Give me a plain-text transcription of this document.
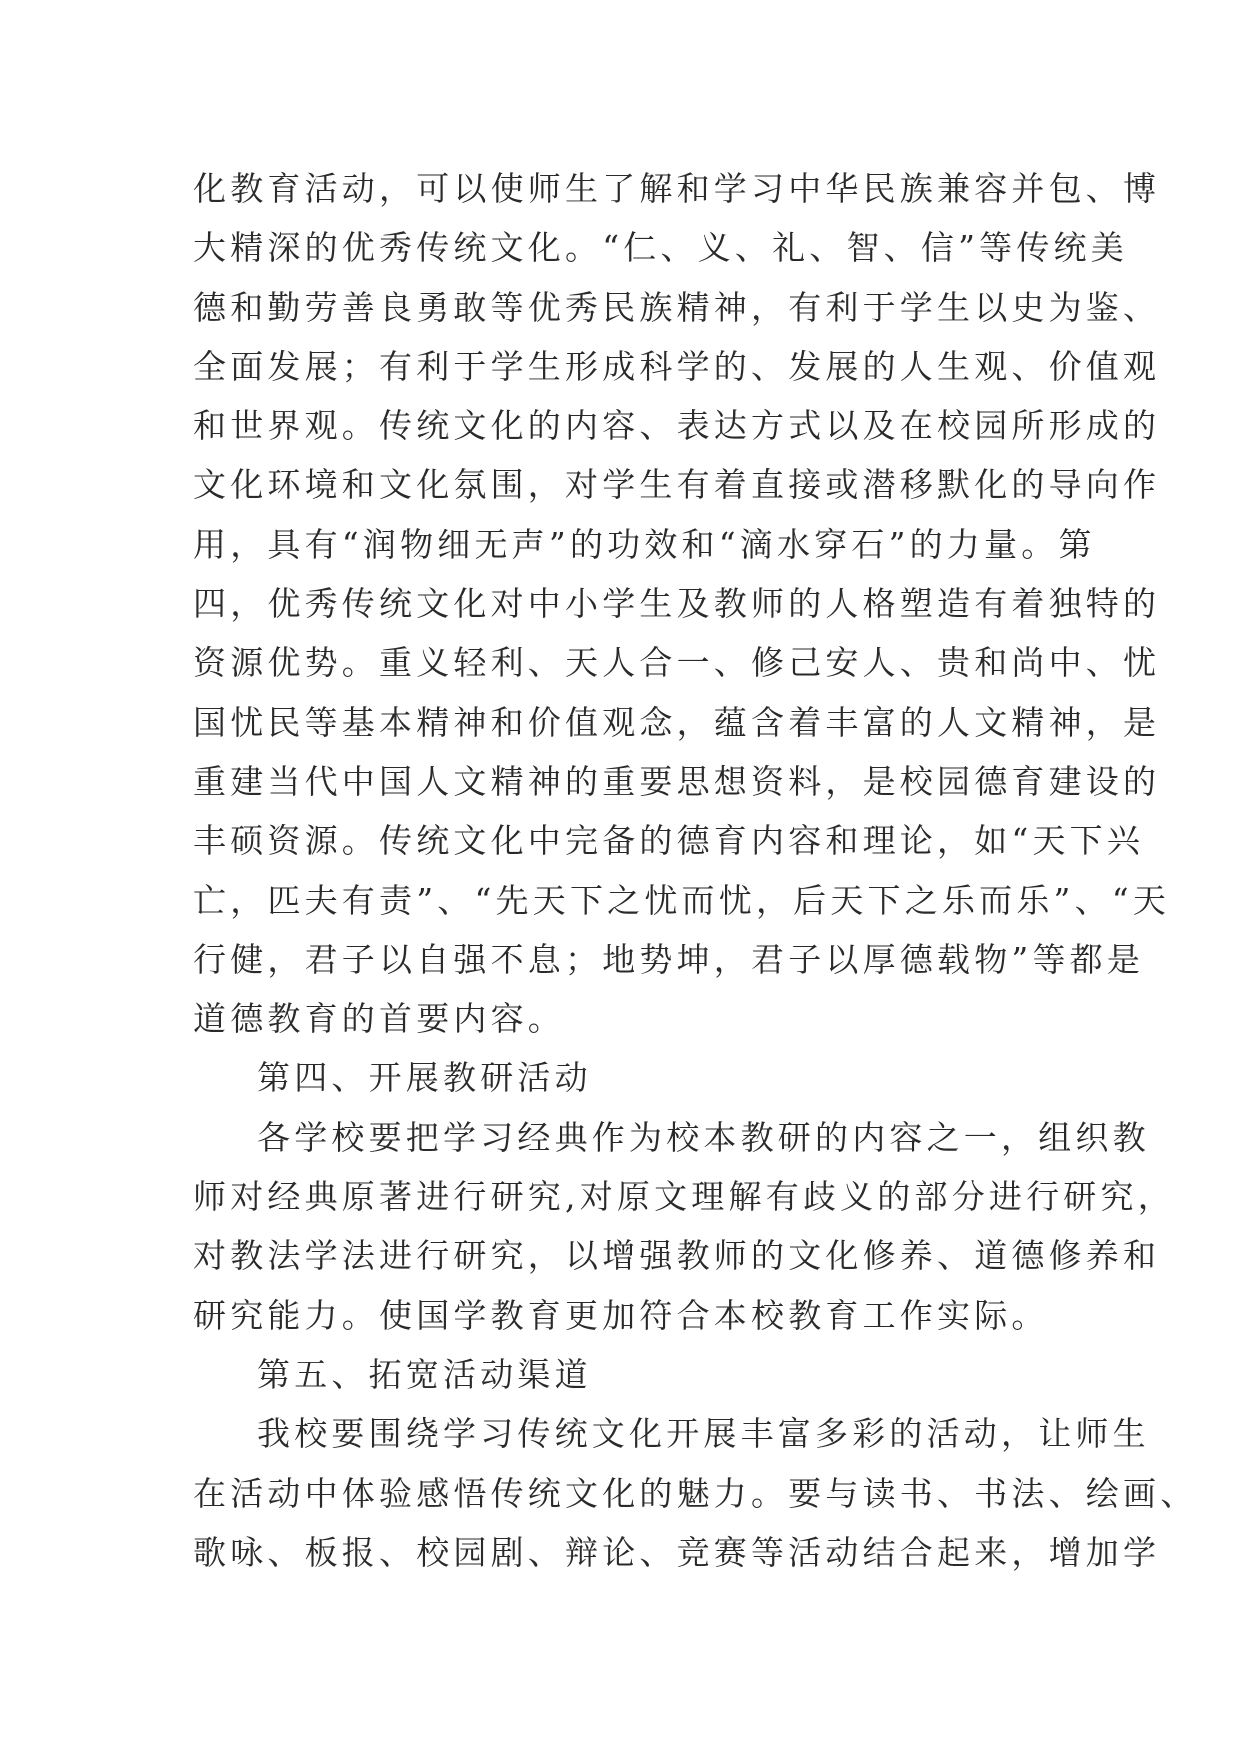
化教育活动，可以使师生了解和学习中华民族兼容并包、博
大精深的优秀传统文化。“仁、义、礼、智、信”等传统美
德和勤劳善良勇敢等优秀民族精神，有利于学生以史为鉴、
全面发展；有利于学生形成科学的、发展的人生观、价值观
和世界观。传统文化的内容、表达方式以及在校园所形成的
文化环境和文化氛围，对学生有着直接或潜移默化的导向作
用，具有“润物细无声”的功效和“滴水穿石”的力量。第
四，优秀传统文化对中小学生及教师的人格塑造有着独特的
资源优势。重义轻利、天人合一、修己安人、贵和尚中、忧
国忧民等基本精神和价值观念，蕴含着丰富的人文精神，是
重建当代中国人文精神的重要思想资料，是校园德育建设的
丰硕资源。传统文化中完备的德育内容和理论，如“天下兴
亡，匹夫有责”、“先天下之忧而忧，后天下之乐而乐”、“天
行健，君子以自强不息；地势坤，君子以厚德载物”等都是
道德教育的首要内容。
第四、开展教研活动
各学校要把学习经典作为校本教研的内容之一，组织教
师对经典原著进行研究,对原文理解有歧义的部分进行研究，
对教法学法进行研究，以增强教师的文化修养、道德修养和
研究能力。使国学教育更加符合本校教育工作实际。
第五、拓宽活动渠道
我校要围绕学习传统文化开展丰富多彩的活动，让师生
在活动中体验感悟传统文化的魅力。要与读书、书法、绘画、
歌咏、板报、校园剧、辩论、竞赛等活动结合起来，增加学
